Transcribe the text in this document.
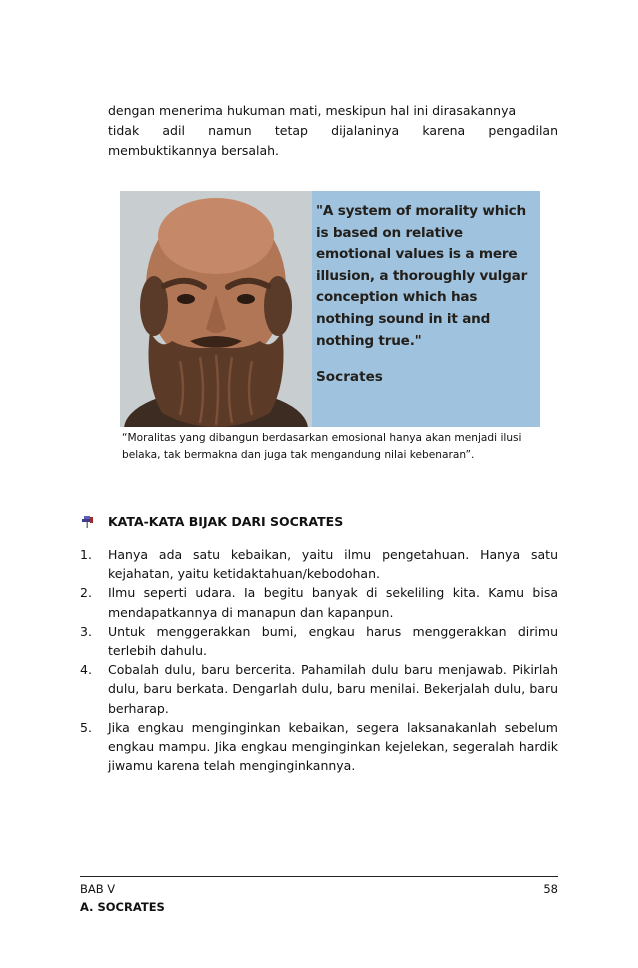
dengan menerima hukuman mati, meskipun hal ini dirasakannya
tidak adil namun tetap dijalaninya karena pengadilan
membuktikannya bersalah.
"A system of morality which is based on relative emotional values is a mere illusion, a thoroughly vulgar conception which has nothing sound in it and nothing true."
Socrates
“Moralitas yang dibangun berdasarkan emosional hanya akan menjadi ilusi belaka, tak bermakna dan juga tak mengandung nilai kebenaran”.
KATA-KATA BIJAK DARI SOCRATES
1. Hanya ada satu kebaikan, yaitu ilmu pengetahuan. Hanya satu kejahatan, yaitu ketidaktahuan/kebodohan.
2. Ilmu seperti udara. Ia begitu banyak di sekeliling kita. Kamu bisa mendapatkannya di manapun dan kapanpun.
3. Untuk menggerakkan bumi, engkau harus menggerakkan dirimu terlebih dahulu.
4. Cobalah dulu, baru bercerita. Pahamilah dulu baru menjawab. Pikirlah dulu, baru berkata. Dengarlah dulu, baru menilai. Bekerjalah dulu, baru berharap.
5. Jika engkau menginginkan kebaikan, segera laksanakanlah sebelum engkau mampu. Jika engkau menginginkan kejelekan, segeralah hardik jiwamu karena telah menginginkannya.
BAB V	58
A. SOCRATES
